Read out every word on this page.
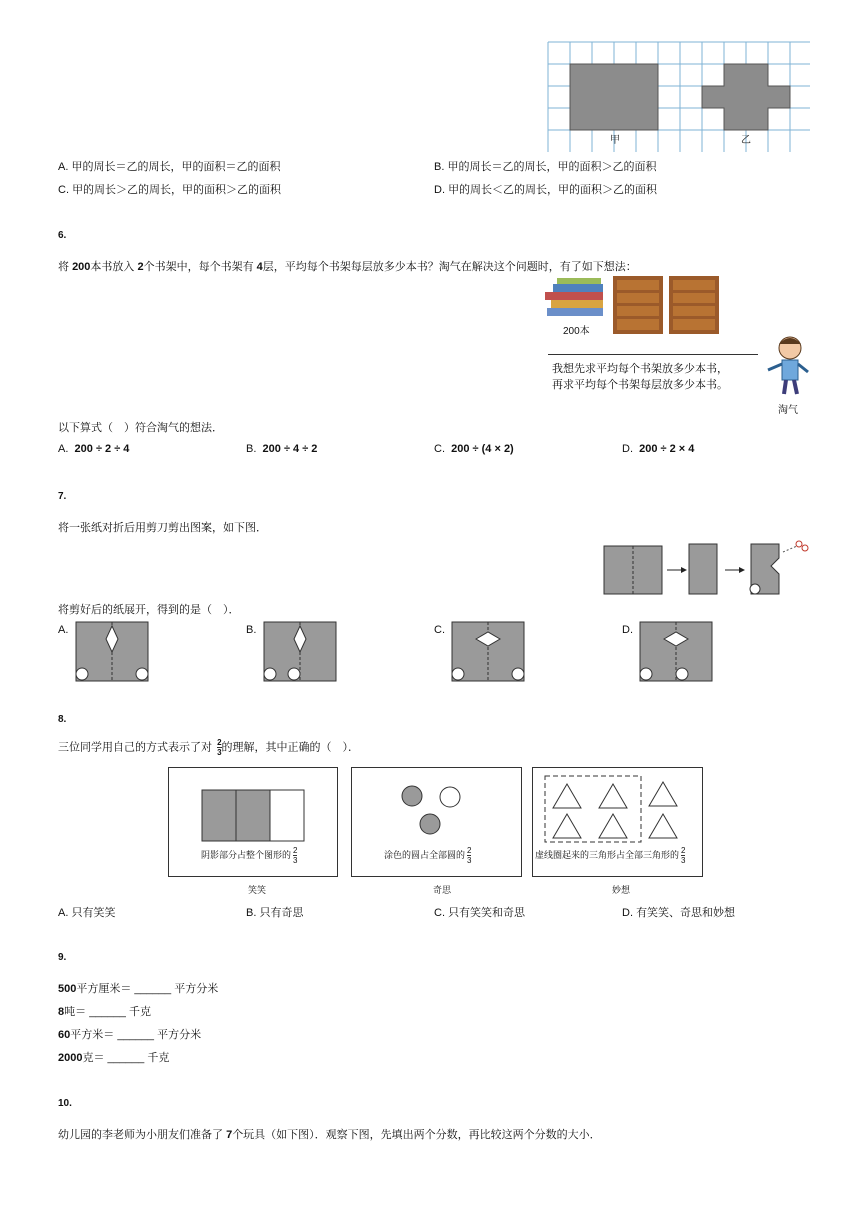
甲	乙
A. 甲的周长＝乙的周长，甲的面积＝乙的面积	B. 甲的周长＝乙的周长，甲的面积＞乙的面积
C. 甲的周长＞乙的周长，甲的面积＞乙的面积	D. 甲的周长＜乙的周长，甲的面积＞乙的面积
6.
将 200本书放入 2个书架中，每个书架有 4层，平均每个书架每层放多少本书？淘气在解决这个问题时，有了如下想法：
200本
我想先求平均每个书架放多少本书，
再求平均每个书架每层放多少本书。
淘气
以下算式（　）符合淘气的想法．
A. 200 ÷ 2 ÷ 4	B. 200 ÷ 4 ÷ 2	C. 200 ÷ (4 × 2)	D. 200 ÷ 2 × 4
7.
将一张纸对折后用剪刀剪出图案，如下图．
将剪好后的纸展开，得到的是（　）．
A.	B.	C.	D.
8.
三位同学用自己的方式表示了对 $\frac{2}{3}$ 的理解，其中正确的（　）．
阴影部分占整个图形的 $\frac{2}{3}$	涂色的圆占全部圆的 $\frac{2}{3}$	虚线圈起来的三角形占全部三角形的 $\frac{2}{3}$
笑笑	奇思	妙想
A. 只有笑笑	B. 只有奇思	C. 只有笑笑和奇思	D. 有笑笑、奇思和妙想
9.
500平方厘米＝ ______ 平方分米
8吨＝ ______ 千克
60平方米＝ ______ 平方分米
2000克＝ ______ 千克
10.
幼儿园的李老师为小朋友们准备了 7个玩具（如下图）．观察下图，先填出两个分数，再比较这两个分数的大小．
